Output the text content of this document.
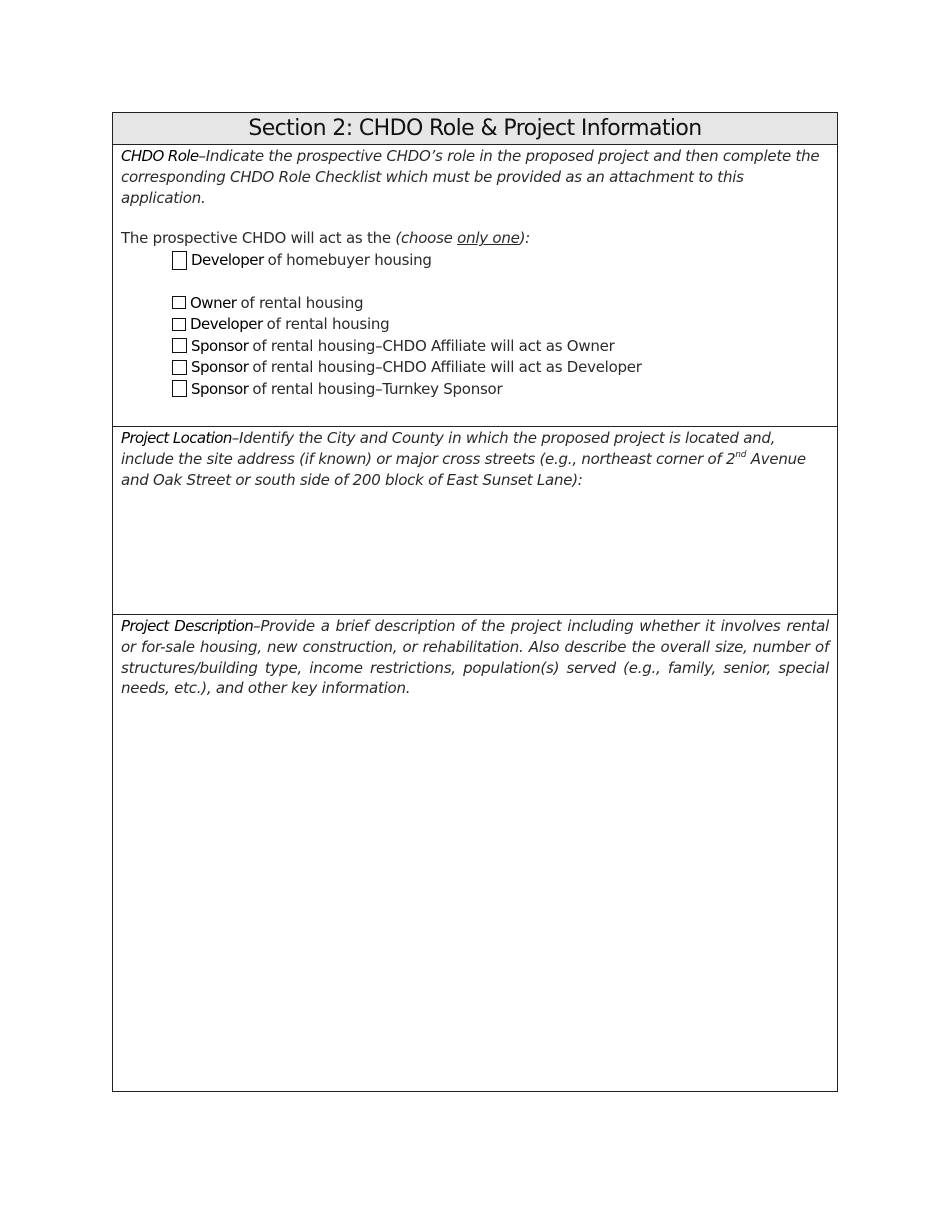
Section 2: CHDO Role & Project Information

CHDO Role–Indicate the prospective CHDO’s role in the proposed project and then complete the corresponding CHDO Role Checklist which must be provided as an attachment to this application.

The prospective CHDO will act as the (choose only one):

Developer of homebuyer housing
Owner of rental housing
Developer of rental housing
Sponsor of rental housing–CHDO Affiliate will act as Owner
Sponsor of rental housing–CHDO Affiliate will act as Developer
Sponsor of rental housing–Turnkey Sponsor

Project Location–Identify the City and County in which the proposed project is located and, include the site address (if known) or major cross streets (e.g., northeast corner of 2nd Avenue and Oak Street or south side of 200 block of East Sunset Lane):

Project Description–Provide a brief description of the project including whether it involves rental or for-sale housing, new construction, or rehabilitation. Also describe the overall size, number of structures/building type, income restrictions, population(s) served (e.g., family, senior, special needs, etc.), and other key information.
